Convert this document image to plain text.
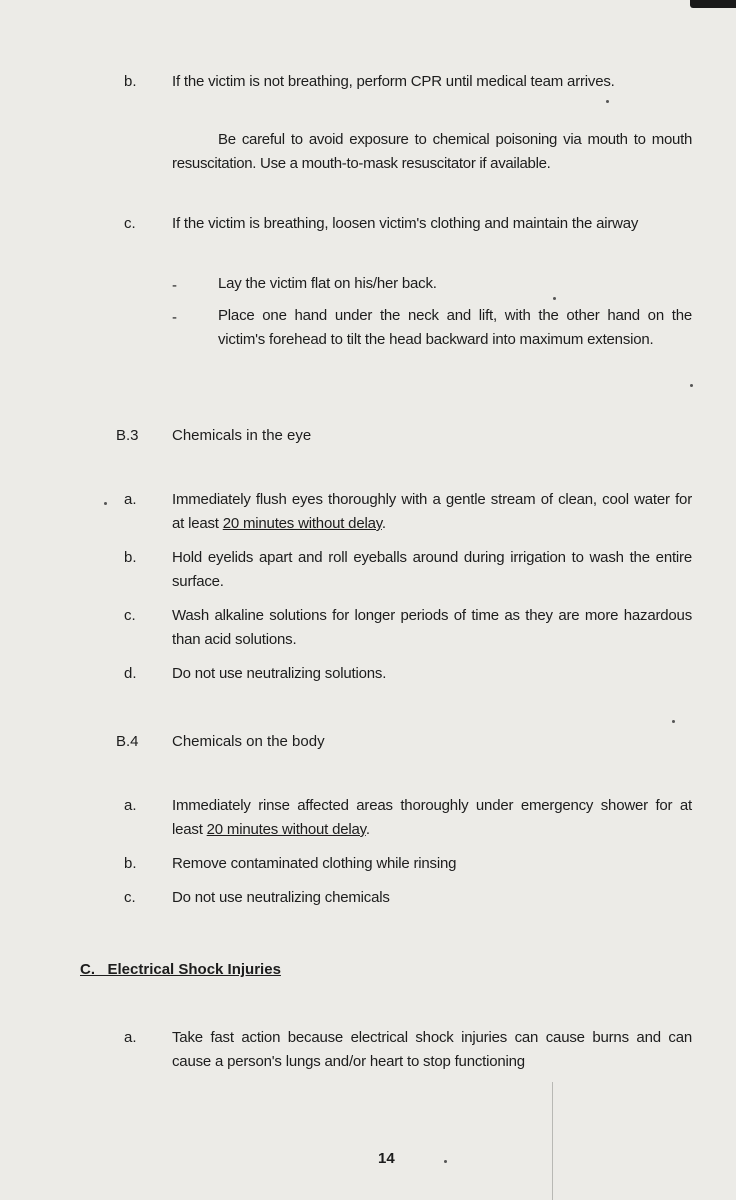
b. If the victim is not breathing, perform CPR until medical team arrives.
Be careful to avoid exposure to chemical poisoning via mouth to mouth resuscitation. Use a mouth-to-mask resuscitator if available.
c. If the victim is breathing, loosen victim's clothing and maintain the airway
-	Lay the victim flat on his/her back.
-	Place one hand under the neck and lift, with the other hand on the victim's forehead to tilt the head backward into maximum extension.
B.3 Chemicals in the eye
a. Immediately flush eyes thoroughly with a gentle stream of clean, cool water for at least 20 minutes without delay.
b. Hold eyelids apart and roll eyeballs around during irrigation to wash the entire surface.
c. Wash alkaline solutions for longer periods of time as they are more hazardous than acid solutions.
d. Do not use neutralizing solutions.
B.4 Chemicals on the body
a. Immediately rinse affected areas thoroughly under emergency shower for at least 20 minutes without delay.
b. Remove contaminated clothing while rinsing
c. Do not use neutralizing chemicals
C.   Electrical Shock Injuries
a. Take fast action because electrical shock injuries can cause burns and can cause a person's lungs and/or heart to stop functioning
14
